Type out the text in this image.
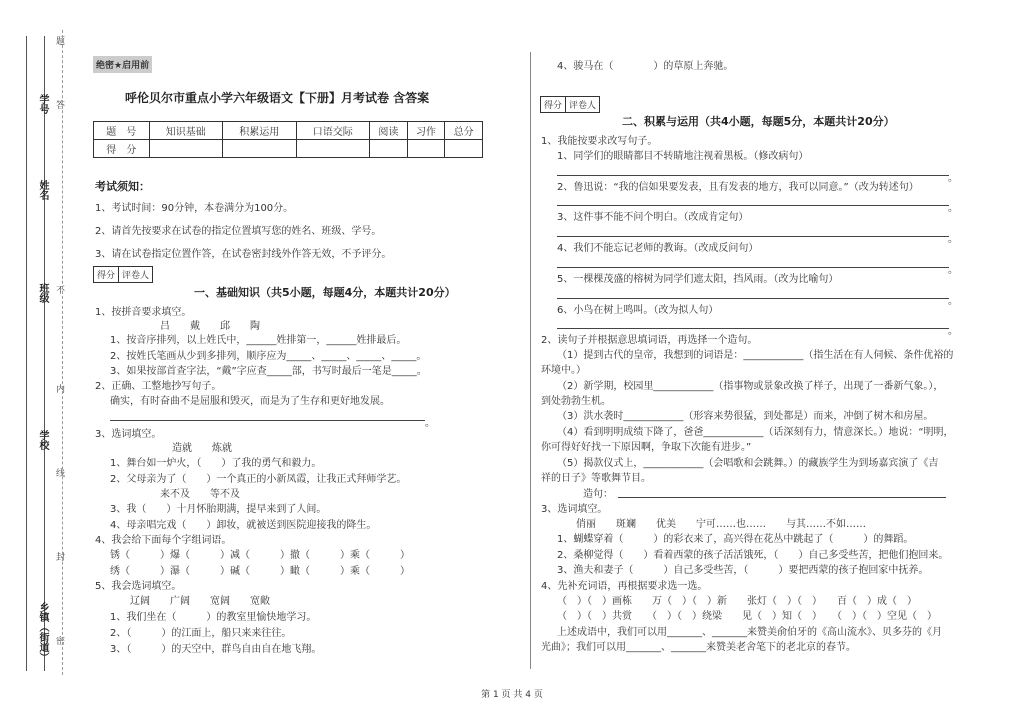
学号
姓名
班级
学校
乡镇（街道）
题
答
不
内
线
封
密
绝密★启用前
呼伦贝尔市重点小学六年级语文【下册】月考试卷 含答案
题　号	知识基础	积累运用	口语交际	阅读	习作	总分
得　分						
考试须知：
1、考试时间：90分钟，本卷满分为100分。
2、请首先按要求在试卷的指定位置填写您的姓名、班级、学号。
3、请在试卷指定位置作答，在试卷密封线外作答无效，不予评分。
得分 评卷人
得分 评卷人
一、基础知识（共5小题，每题4分，本题共计20分）
1、按拼音要求填空。
吕　　戴　　邱　　陶
1、按音序排列，以上姓氏中，______姓排第一，______姓排最后。
2、按姓氏笔画从少到多排列，顺序应为_____、_____、_____、_____。
3、如果按部首查字法，“戴”字应查_____部，书写时最后一笔是_____。
2、正确、工整地抄写句子。
确实，有时奋曲不是屈服和毁灭，而是为了生存和更好地发展。
3、选词填空。
造就　　炼就
1、舞台如一炉火，（　　）了我的勇气和毅力。
2、父母亲为了（　　）一个真正的小新凤霞，让我正式拜师学艺。
来不及　　等不及
3、我（　　）十月怀胎期满，提早来到了人间。
4、母亲唱完戏（　　）卸妆，就被送到医院迎接我的降生。
4、我会给下面每个字组词语。
锈（　　　）爆（　　　）减（　　　）撤（　　　）乘（　　　）
绣（　　　）瀑（　　　）碱（　　　）瞰（　　　）乘（　　　）
5、我会选词填空。
辽阔　　广阔　　宽阔　　宽敞
1、我们坐在（　　　）的教室里愉快地学习。
2、（　　　）的江面上，船只来来往往。
3、（　　　）的天空中，群鸟自由自在地飞翔。
。
4、骏马在（　　　　）的草原上奔驰。
二、积累与运用（共4小题，每题5分，本题共计20分）
1、我能按要求改写句子。
1、同学们的眼睛都目不转睛地注视着黑板。（修改病句）
2、鲁迅说：“我的信如果要发表，且有发表的地方，我可以同意。”（改为转述句）
3、这件事不能不问个明白。（改成肯定句）
4、我们不能忘记老师的教诲。（改成反问句）
5、一棵棵茂盛的榕树为同学们遮太阳，挡风雨。（改为比喻句）
6、小鸟在树上鸣叫。（改为拟人句）
2、读句子并根据意思填词语，再选择一个造句。
（1）提到古代的皇帝，我想到的词语是：____________（指生活在有人伺候、条件优裕的
环境中。）
（2）新学期，校园里____________（指事物或景象改换了样子，出现了一番新气象。），
到处勃勃生机。
（3）洪水袭时____________（形容来势很猛，到处都是）而来，冲倒了树木和房屋。
（4）看到明明成绩下降了，爸爸____________（话深刻有力，情意深长。）地说：“明明，
你可得好好找一下原因啊，争取下次能有进步。”
（5）揭款仪式上，____________（会唱歌和会跳舞。）的藏族学生为到场嘉宾演了《吉
祥的日子》等歌舞节目。
造句：
3、选词填空。
俏丽　　斑斓　　优美　　宁可……也……　　与其……不如……
1、蝴蝶穿着（　　　）的彩衣来了，高兴得在花丛中跳起了（　　　）的舞蹈。
2、桑柳觉得（　　）看着西蒙的孩子活活饿死，（　　）自己多受些苦，把他们抱回来。
3、渔夫和妻子（　　　）自己多受些苦，（　　　）要把西蒙的孩子抱回家中抚养。
4、先补充词语，再根据要求选一选。
（　）（　）画栋　　万（　）（　）新　　张灯（　）（　）　　百（　）成（　）
（　）（　）共赏　　（　）（　）绕梁　　见（　）知（　）　　（　）（　）空见（　）
上述成语中，我们可以用_______、_______来赞美俞伯牙的《高山流水》、贝多芬的《月
光曲》；我们可以用_______、_______来赞美老舍笔下的老北京的春节。
。
。
。
。
。
。
第 1 页 共 4 页
